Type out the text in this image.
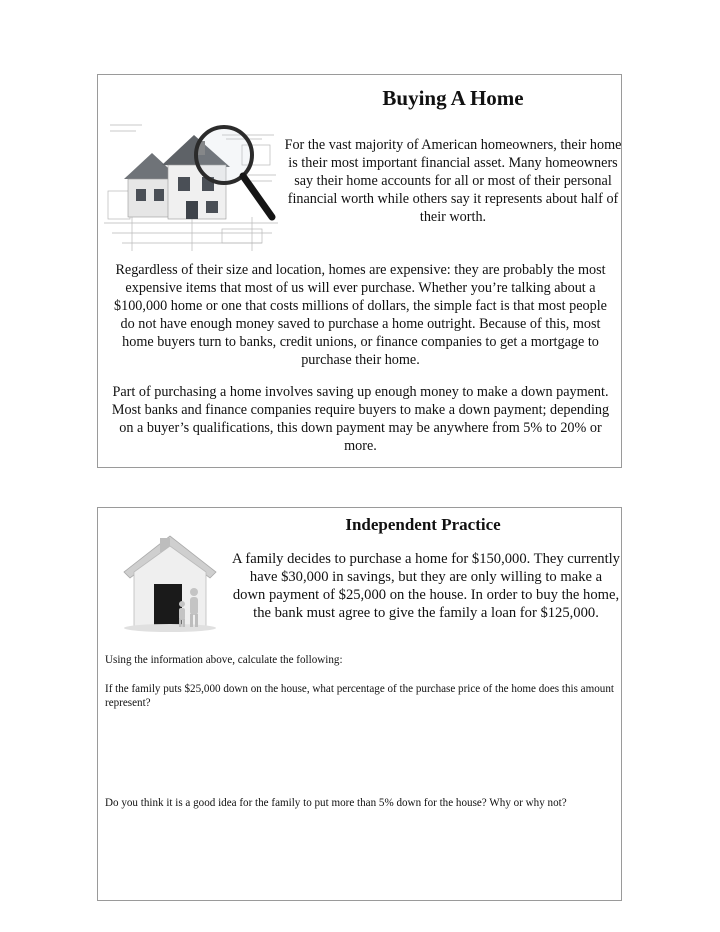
Buying A Home
For the vast majority of American homeowners, their home is their most important financial asset. Many homeowners say their home accounts for all or most of their personal financial worth while others say it represents about half of their worth.
Regardless of their size and location, homes are expensive: they are probably the most expensive items that most of us will ever purchase. Whether you’re talking about a $100,000 home or one that costs millions of dollars, the simple fact is that most people do not have enough money saved to purchase a home outright. Because of this, most home buyers turn to banks, credit unions, or finance companies to get a mortgage to purchase their home.
Part of purchasing a home involves saving up enough money to make a down payment. Most banks and finance companies require buyers to make a down payment; depending on a buyer’s qualifications, this down payment may be anywhere from 5% to 20% or more.
Independent Practice
A family decides to purchase a home for $150,000. They currently have $30,000 in savings, but they are only willing to make a down payment of $25,000 on the house. In order to buy the home, the bank must agree to give the family a loan for $125,000.
Using the information above, calculate the following:
If the family puts $25,000 down on the house, what percentage of the purchase price of the home does this amount represent?
Do you think it is a good idea for the family to put more than 5% down for the house? Why or why not?
